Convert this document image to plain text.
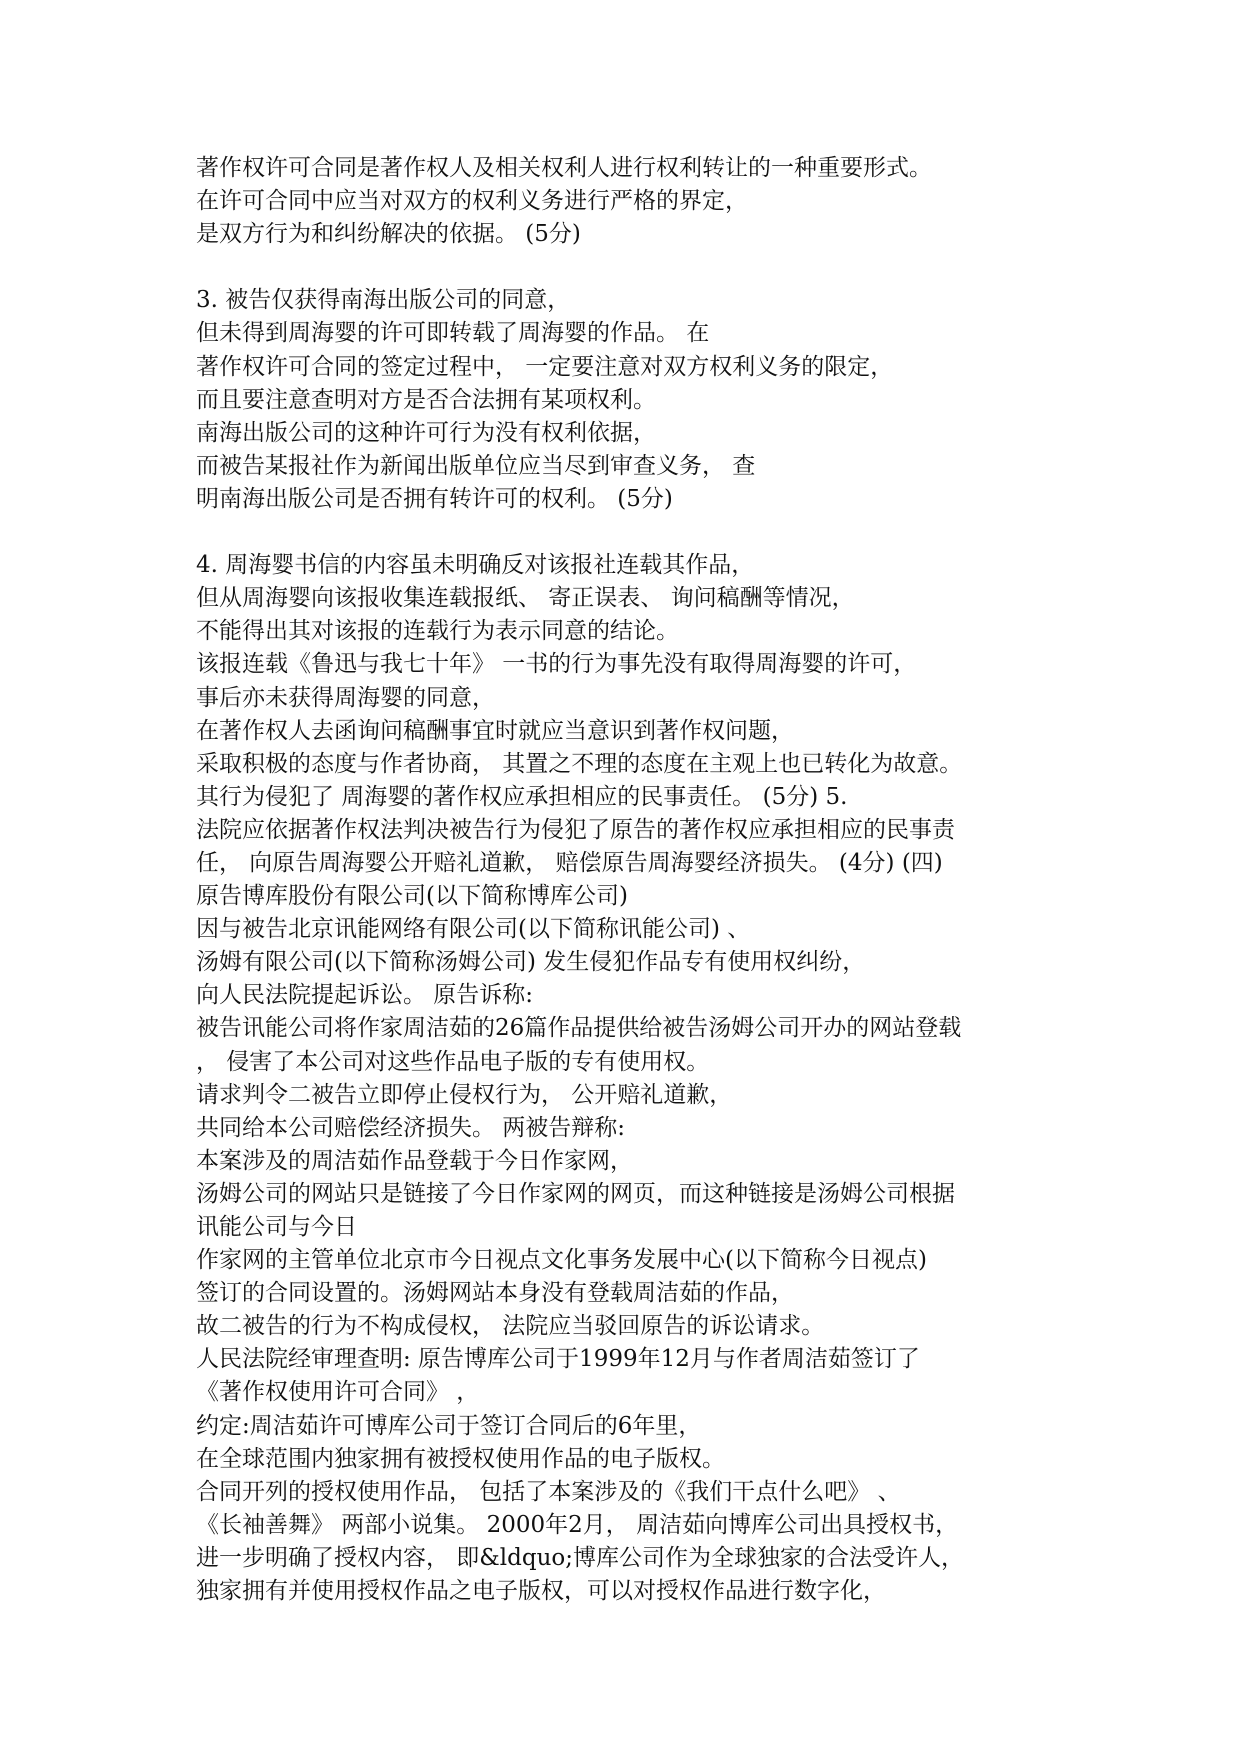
著作权许可合同是著作权人及相关权利人进行权利转让的一种重要形式。
在许可合同中应当对双方的权利义务进行严格的界定，
是双方行为和纠纷解决的依据。 (5分)
3. 被告仅获得南海出版公司的同意，
但未得到周海婴的许可即转载了周海婴的作品。 在
著作权许可合同的签定过程中， 一定要注意对双方权利义务的限定，
而且要注意查明对方是否合法拥有某项权利。
南海出版公司的这种许可行为没有权利依据，
而被告某报社作为新闻出版单位应当尽到审查义务， 查
明南海出版公司是否拥有转许可的权利。 (5分)
4. 周海婴书信的内容虽未明确反对该报社连载其作品，
但从周海婴向该报收集连载报纸、 寄正误表、 询问稿酬等情况，
不能得出其对该报的连载行为表示同意的结论。
该报连载《鲁迅与我七十年》 一书的行为事先没有取得周海婴的许可，
事后亦未获得周海婴的同意，
在著作权人去函询问稿酬事宜时就应当意识到著作权问题，
采取积极的态度与作者协商， 其置之不理的态度在主观上也已转化为故意。
其行为侵犯了 周海婴的著作权应承担相应的民事责任。 (5分) 5.
法院应依据著作权法判决被告行为侵犯了原告的著作权应承担相应的民事责
任， 向原告周海婴公开赔礼道歉， 赔偿原告周海婴经济损失。 (4分) (四)
原告博库股份有限公司(以下简称博库公司)
因与被告北京讯能网络有限公司(以下简称讯能公司) 、
汤姆有限公司(以下简称汤姆公司) 发生侵犯作品专有使用权纠纷，
向人民法院提起诉讼。 原告诉称:
被告讯能公司将作家周洁茹的26篇作品提供给被告汤姆公司开办的网站登载
， 侵害了本公司对这些作品电子版的专有使用权。
请求判令二被告立即停止侵权行为， 公开赔礼道歉，
共同给本公司赔偿经济损失。 两被告辩称:
本案涉及的周洁茹作品登载于今日作家网，
汤姆公司的网站只是链接了今日作家网的网页，而这种链接是汤姆公司根据
讯能公司与今日
作家网的主管单位北京市今日视点文化事务发展中心(以下简称今日视点)
签订的合同设置的。汤姆网站本身没有登载周洁茹的作品，
故二被告的行为不构成侵权， 法院应当驳回原告的诉讼请求。
人民法院经审理查明: 原告博库公司于1999年12月与作者周洁茹签订了
《著作权使用许可合同》 ，
约定:周洁茹许可博库公司于签订合同后的6年里，
在全球范围内独家拥有被授权使用作品的电子版权。
合同开列的授权使用作品， 包括了本案涉及的《我们干点什么吧》 、
《长袖善舞》 两部小说集。 2000年2月， 周洁茹向博库公司出具授权书，
进一步明确了授权内容， 即&ldquo;博库公司作为全球独家的合法受许人，
独家拥有并使用授权作品之电子版权，可以对授权作品进行数字化，
